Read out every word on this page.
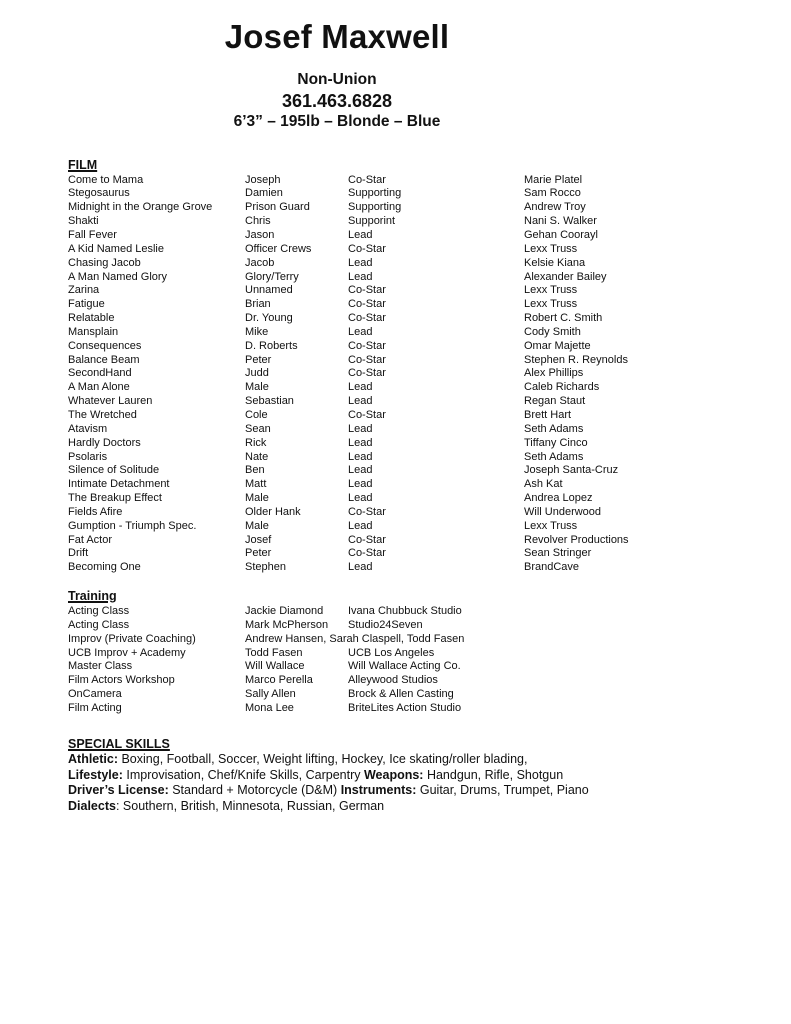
Josef Maxwell
Non-Union
361.463.6828
6’3” – 195lb – Blonde – Blue
FILM
Come to Mama	Joseph	Co-Star	Marie Platel
Stegosaurus	Damien	Supporting	Sam Rocco
Midnight in the Orange Grove	Prison Guard	Supporting	Andrew Troy
Shakti	Chris	Supporint	Nani S. Walker
Fall Fever	Jason	Lead	Gehan Coorayl
A Kid Named Leslie	Officer Crews	Co-Star	Lexx Truss
Chasing Jacob	Jacob	Lead	Kelsie Kiana
A Man Named Glory	Glory/Terry	Lead	Alexander Bailey
Zarina	Unnamed	Co-Star	Lexx Truss
Fatigue	Brian	Co-Star	Lexx Truss
Relatable	Dr. Young	Co-Star	Robert C. Smith
Mansplain	Mike	Lead	Cody Smith
Consequences	D. Roberts	Co-Star	Omar Majette
Balance Beam	Peter	Co-Star	Stephen R. Reynolds
SecondHand	Judd	Co-Star	Alex Phillips
A Man Alone	Male	Lead	Caleb Richards
Whatever Lauren	Sebastian	Lead	Regan Staut
The Wretched	Cole	Co-Star	Brett Hart
Atavism	Sean	Lead	Seth Adams
Hardly Doctors	Rick	Lead	Tiffany Cinco
Psolaris	Nate	Lead	Seth Adams
Silence of Solitude	Ben	Lead	Joseph Santa-Cruz
Intimate Detachment	Matt	Lead	Ash Kat
The Breakup Effect	Male	Lead	Andrea Lopez
Fields Afire	Older Hank	Co-Star	Will Underwood
Gumption - Triumph Spec.	Male	Lead	Lexx Truss
Fat Actor	Josef	Co-Star	Revolver Productions
Drift	Peter	Co-Star	Sean Stringer
Becoming One	Stephen	Lead	BrandCave
Training
Acting Class	Jackie Diamond	Ivana Chubbuck Studio
Acting Class	Mark McPherson	Studio24Seven
Improv (Private Coaching)	Andrew Hansen, Sarah Claspell, Todd Fasen
UCB Improv + Academy	Todd Fasen	UCB Los Angeles
Master Class	Will Wallace	Will Wallace Acting Co.
Film Actors Workshop	Marco Perella	Alleywood Studios
OnCamera	Sally Allen	Brock & Allen Casting
Film Acting	Mona Lee	BriteLites Action Studio
SPECIAL SKILLS
Athletic: Boxing, Football, Soccer, Weight lifting, Hockey, Ice skating/roller blading,
Lifestyle: Improvisation, Chef/Knife Skills, Carpentry Weapons: Handgun, Rifle, Shotgun
Driver’s License: Standard + Motorcycle (D&M) Instruments: Guitar, Drums, Trumpet, Piano
Dialects: Southern, British, Minnesota, Russian, German
